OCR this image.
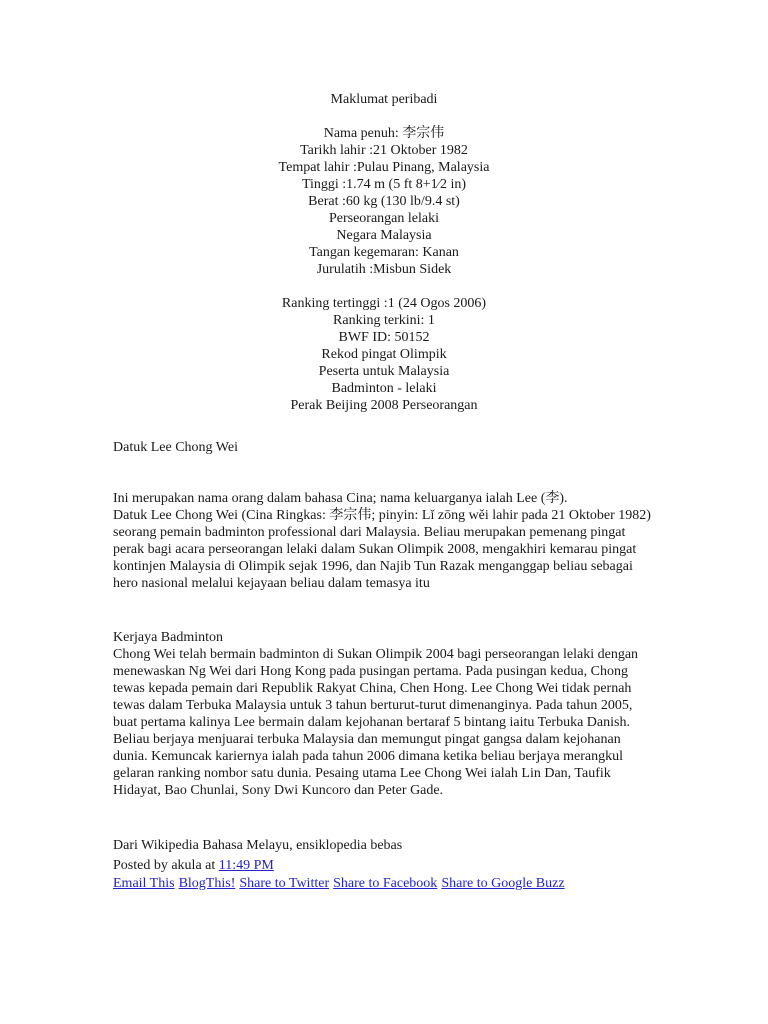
Maklumat peribadi
Nama penuh: 李宗伟
Tarikh lahir :21 Oktober 1982
Tempat lahir :Pulau Pinang, Malaysia
Tinggi :1.74 m (5 ft 8+1⁄2 in)
Berat :60 kg (130 lb/9.4 st)
Perseorangan lelaki
Negara Malaysia
Tangan kegemaran: Kanan
Jurulatih :Misbun Sidek
Ranking tertinggi :1 (24 Ogos 2006)
Ranking terkini: 1
BWF ID: 50152
Rekod pingat Olimpik
Peserta untuk Malaysia
Badminton - lelaki
Perak Beijing 2008 Perseorangan
Datuk Lee Chong Wei

Ini merupakan nama orang dalam bahasa Cina; nama keluarganya ialah Lee (李).

Datuk Lee Chong Wei (Cina Ringkas: 李宗伟; pinyin: Lǐ zōng wěi lahir pada 21 Oktober 1982) seorang pemain badminton professional dari Malaysia. Beliau merupakan pemenang pingat perak bagi acara perseorangan lelaki dalam Sukan Olimpik 2008, mengakhiri kemarau pingat kontinjen Malaysia di Olimpik sejak 1996, dan Najib Tun Razak menganggap beliau sebagai hero nasional melalui kejayaan beliau dalam temasya itu

Kerjaya Badminton

Chong Wei telah bermain badminton di Sukan Olimpik 2004 bagi perseorangan lelaki dengan menewaskan Ng Wei dari Hong Kong pada pusingan pertama. Pada pusingan kedua, Chong tewas kepada pemain dari Republik Rakyat China, Chen Hong. Lee Chong Wei tidak pernah tewas dalam Terbuka Malaysia untuk 3 tahun berturut-turut dimenanginya. Pada tahun 2005, buat pertama kalinya Lee bermain dalam kejohanan bertaraf 5 bintang iaitu Terbuka Danish. Beliau berjaya menjuarai terbuka Malaysia dan memungut pingat gangsa dalam kejohanan dunia. Kemuncak kariernya ialah pada tahun 2006 dimana ketika beliau berjaya merangkul gelaran ranking nombor satu dunia. Pesaing utama Lee Chong Wei ialah Lin Dan, Taufik Hidayat, Bao Chunlai, Sony Dwi Kuncoro dan Peter Gade.

Dari Wikipedia Bahasa Melayu, ensiklopedia bebas
Posted by akula at 11:49 PM
Email This BlogThis! Share to Twitter Share to Facebook Share to Google Buzz
